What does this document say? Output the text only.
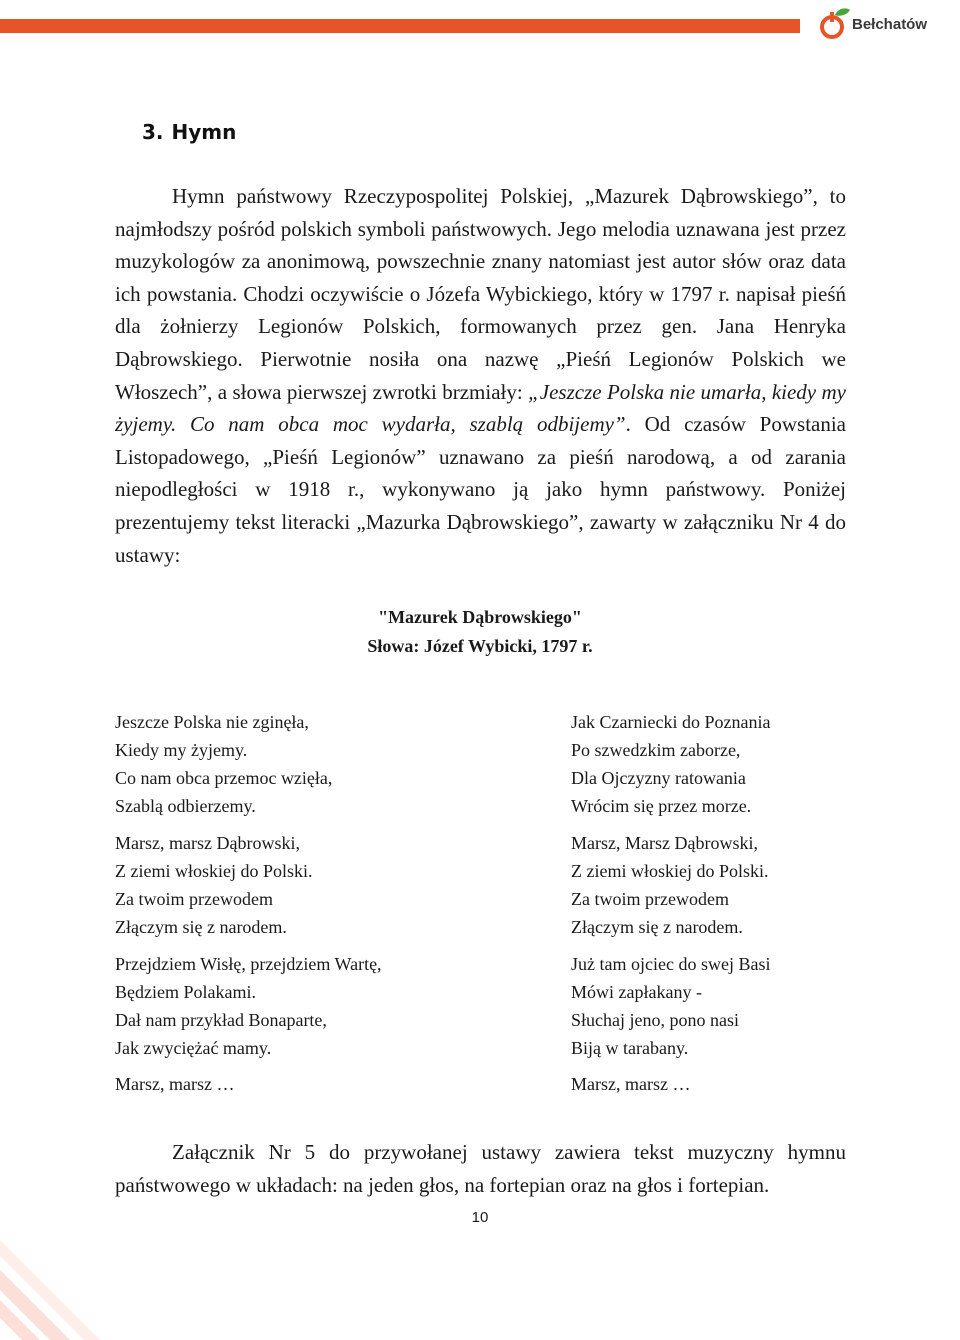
Bełchatów
3. Hymn

Hymn państwowy Rzeczypospolitej Polskiej, „Mazurek Dąbrowskiego”, to najmłodszy pośród polskich symboli państwowych. Jego melodia uznawana jest przez muzykologów za anonimową, powszechnie znany natomiast jest autor słów oraz data ich powstania. Chodzi oczywiście o Józefa Wybickiego, który w 1797 r. napisał pieśń dla żołnierzy Legionów Polskich, formowanych przez gen. Jana Henryka Dąbrowskiego. Pierwotnie nosiła ona nazwę „Pieśń Legionów Polskich we Włoszech”, a słowa pierwszej zwrotki brzmiały: „Jeszcze Polska nie umarła, kiedy my żyjemy. Co nam obca moc wydarła, szablą odbijemy”. Od czasów Powstania Listopadowego, „Pieśń Legionów” uznawano za pieśń narodową, a od zarania niepodległości w 1918 r., wykonywano ją jako hymn państwowy. Poniżej prezentujemy tekst literacki „Mazurka Dąbrowskiego”, zawarty w załączniku Nr 4 do ustawy:

"Mazurek Dąbrowskiego"
Słowa: Józef Wybicki, 1797 r.
Jeszcze Polska nie zginęła,
Kiedy my żyjemy.
Co nam obca przemoc wzięła,
Szablą odbierzemy.
Marsz, marsz Dąbrowski,
Z ziemi włoskiej do Polski.
Za twoim przewodem
Złączym się z narodem.
Przejdziem Wisłę, przejdziem Wartę,
Będziem Polakami.
Dał nam przykład Bonaparte,
Jak zwyciężać mamy.
Marsz, marsz …
Jak Czarniecki do Poznania
Po szwedzkim zaborze,
Dla Ojczyzny ratowania
Wrócim się przez morze.
Marsz, Marsz Dąbrowski,
Z ziemi włoskiej do Polski.
Za twoim przewodem
Złączym się z narodem.
Już tam ojciec do swej Basi
Mówi zapłakany -
Słuchaj jeno, pono nasi
Biją w tarabany.
Marsz, marsz …

Załącznik Nr 5 do przywołanej ustawy zawiera tekst muzyczny hymnu państwowego w układach: na jeden głos, na fortepian oraz na głos i fortepian.

10
